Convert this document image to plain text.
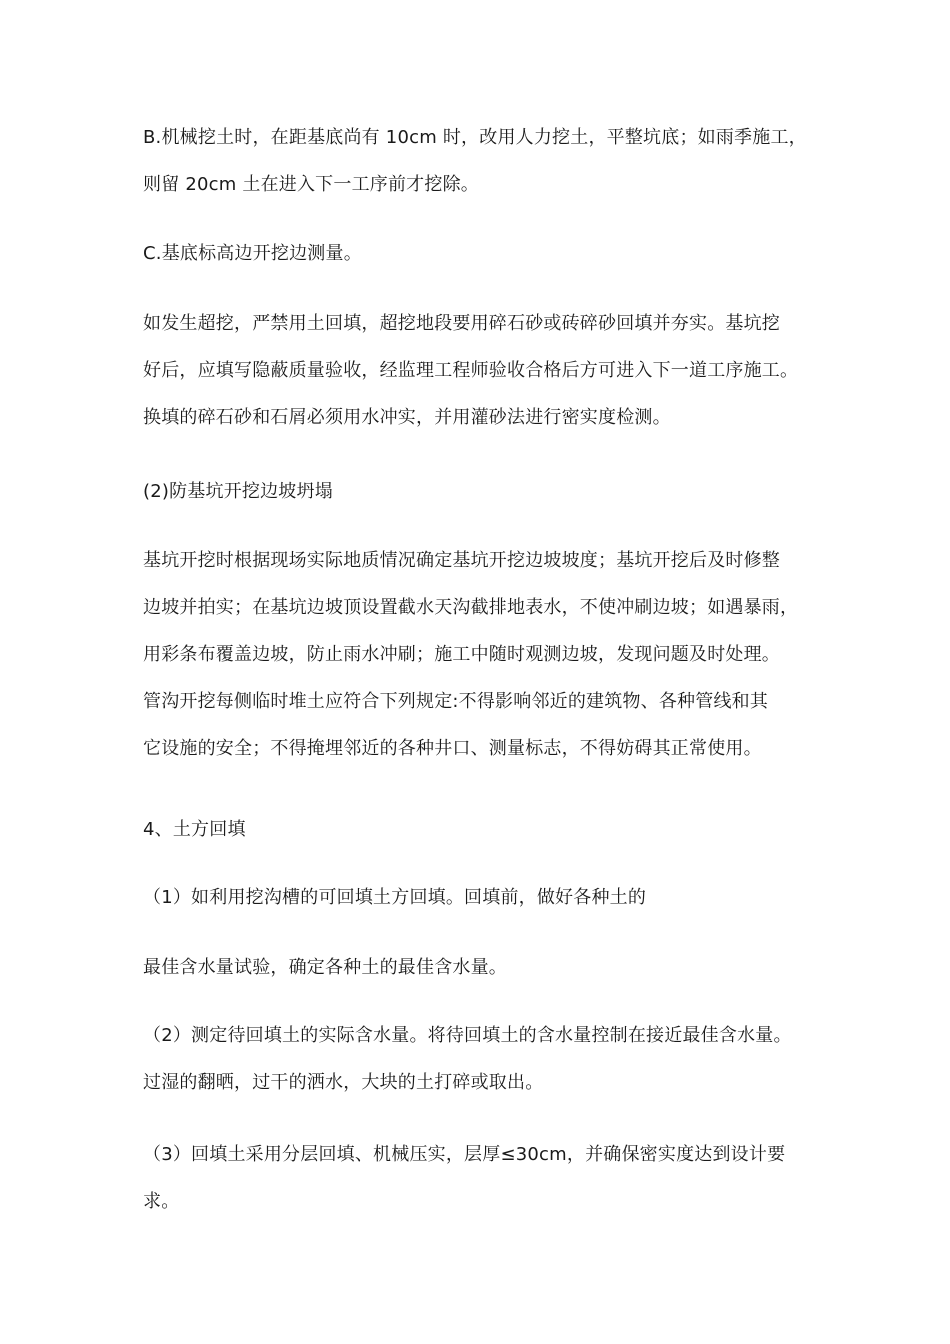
B.机械挖土时，在距基底尚有 10cm 时，改用人力挖土，平整坑底；如雨季施工，
则留 20cm 土在进入下一工序前才挖除。

C.基底标高边开挖边测量。

如发生超挖，严禁用土回填，超挖地段要用碎石砂或砖碎砂回填并夯实。基坑挖
好后，应填写隐蔽质量验收，经监理工程师验收合格后方可进入下一道工序施工。
换填的碎石砂和石屑必须用水冲实，并用灌砂法进行密实度检测。

(2)防基坑开挖边坡坍塌

基坑开挖时根据现场实际地质情况确定基坑开挖边坡坡度；基坑开挖后及时修整
边坡并拍实；在基坑边坡顶设置截水天沟截排地表水，不使冲刷边坡；如遇暴雨，
用彩条布覆盖边坡，防止雨水冲刷；施工中随时观测边坡，发现问题及时处理。
管沟开挖每侧临时堆土应符合下列规定:不得影响邻近的建筑物、各种管线和其
它设施的安全；不得掩埋邻近的各种井口、测量标志，不得妨碍其正常使用。

4、土方回填

（1）如利用挖沟槽的可回填土方回填。回填前，做好各种土的

最佳含水量试验，确定各种土的最佳含水量。

（2）测定待回填土的实际含水量。将待回填土的含水量控制在接近最佳含水量。
过湿的翻晒，过干的洒水，大块的土打碎或取出。

（3）回填土采用分层回填、机械压实，层厚≤30cm，并确保密实度达到设计要
求。
